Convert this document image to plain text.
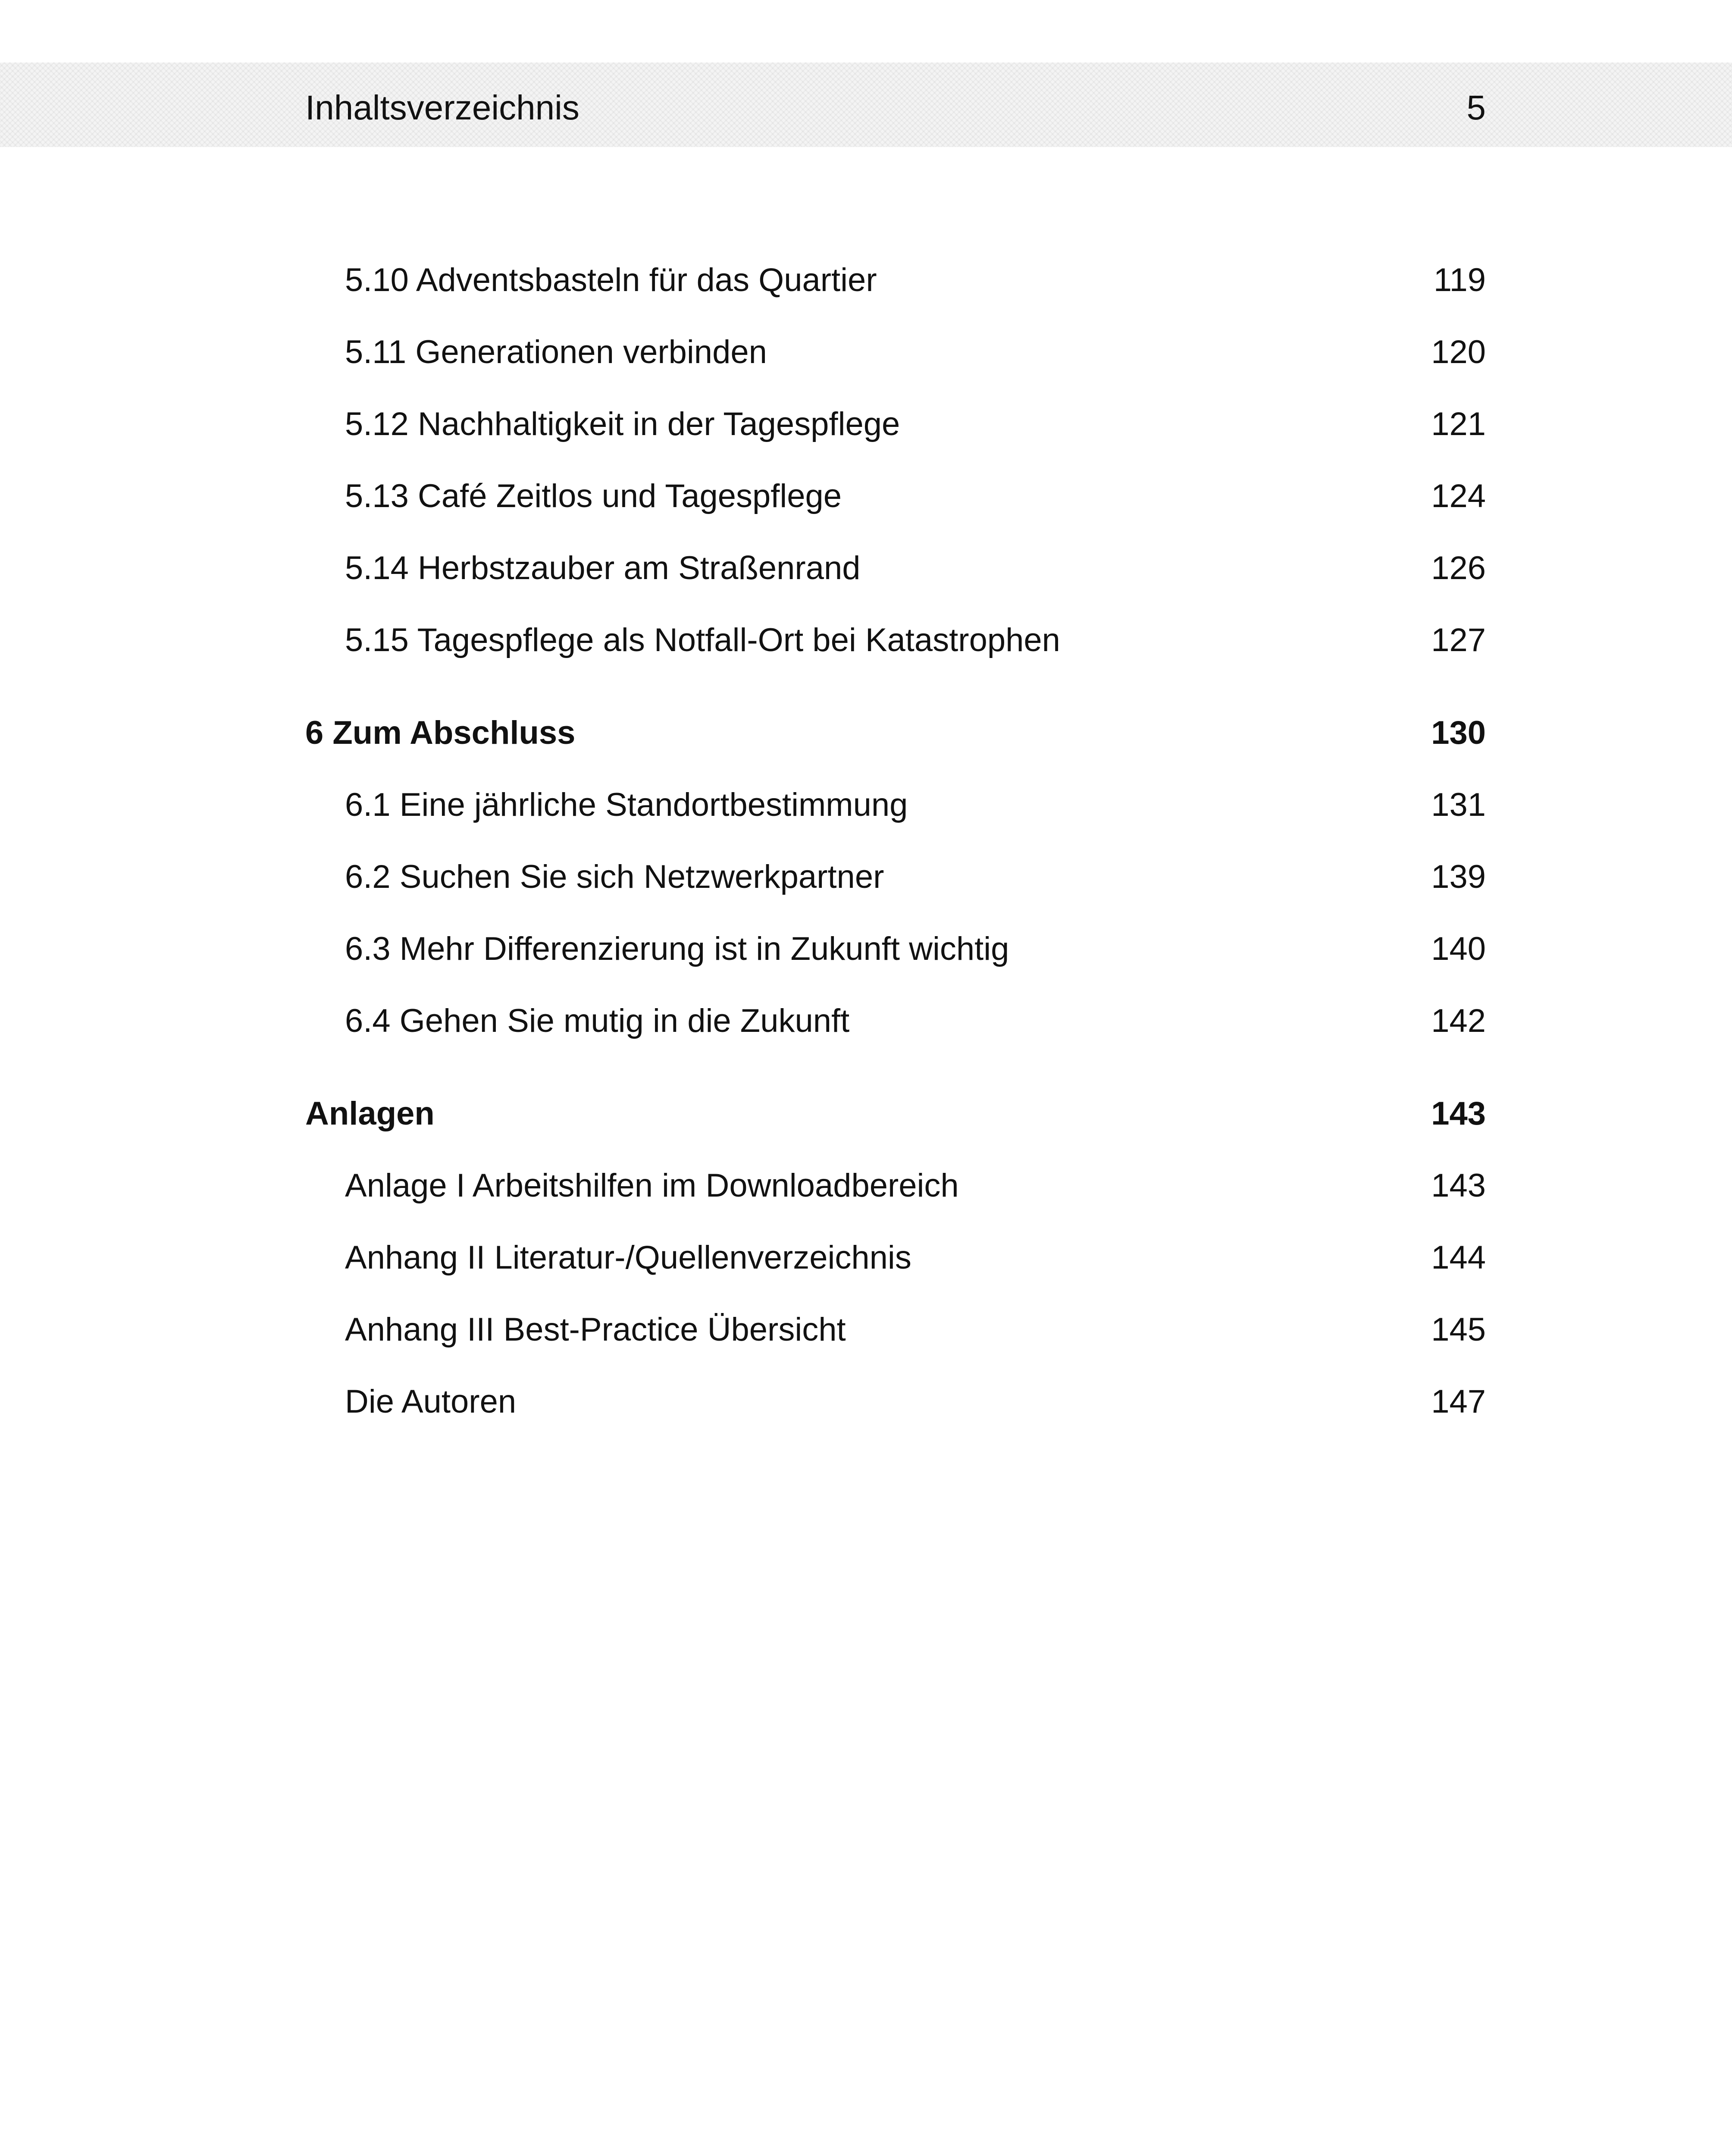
Inhaltsverzeichnis	5
5.10 Adventsbasteln für das Quartier	119
5.11 Generationen verbinden	120
5.12 Nachhaltigkeit in der Tagespflege	121
5.13 Café Zeitlos und Tagespflege	124
5.14 Herbstzauber am Straßenrand	126
5.15 Tagespflege als Notfall-Ort bei Katastrophen	127
6 Zum Abschluss	130
6.1 Eine jährliche Standortbestimmung	131
6.2 Suchen Sie sich Netzwerkpartner	139
6.3 Mehr Differenzierung ist in Zukunft wichtig	140
6.4 Gehen Sie mutig in die Zukunft	142
Anlagen	143
Anlage I Arbeitshilfen im Downloadbereich	143
Anhang II Literatur-/Quellenverzeichnis	144
Anhang III Best-Practice Übersicht	145
Die Autoren	147
